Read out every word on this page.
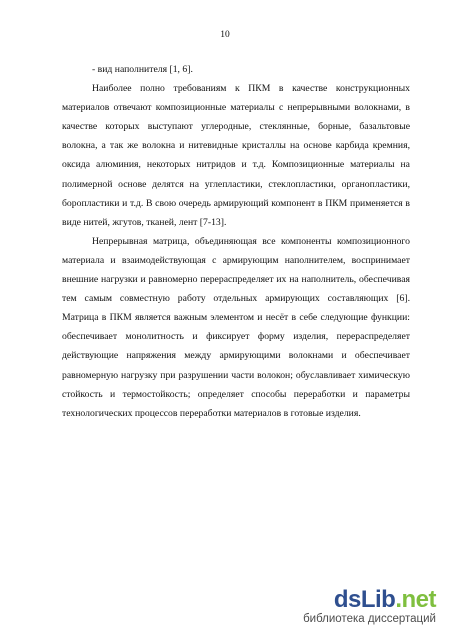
10

- вид наполнителя [1, 6].

Наиболее полно требованиям к ПКМ в качестве конструкционных материалов отвечают композиционные материалы с непрерывными волокнами, в качестве которых выступают углеродные, стеклянные, борные, базальтовые волокна, а так же волокна и нитевидные кристаллы на основе карбида кремния, оксида алюминия, некоторых нитридов и т.д. Композиционные материалы на полимерной основе делятся на углепластики, стеклопластики, органопластики, боропластики и т.д. В свою очередь армирующий компонент в ПКМ применяется в виде нитей, жгутов, тканей, лент [7-13].

Непрерывная матрица, объединяющая все компоненты композиционного материала и взаимодействующая с армирующим наполнителем, воспринимает внешние нагрузки и равномерно перераспределяет их на наполнитель, обеспечивая тем самым совместную работу отдельных армирующих составляющих [6]. Матрица в ПКМ является важным элементом и несёт в себе следующие функции: обеспечивает монолитность и фиксирует форму изделия, перераспределяет действующие напряжения между армирующими волокнами и обеспечивает равномерную нагрузку при разрушении части волокон; обуславливает химическую стойкость и термостойкость; определяет способы переработки и параметры технологических процессов переработки материалов в готовые изделия.

dsLib.net
библиотека диссертаций
